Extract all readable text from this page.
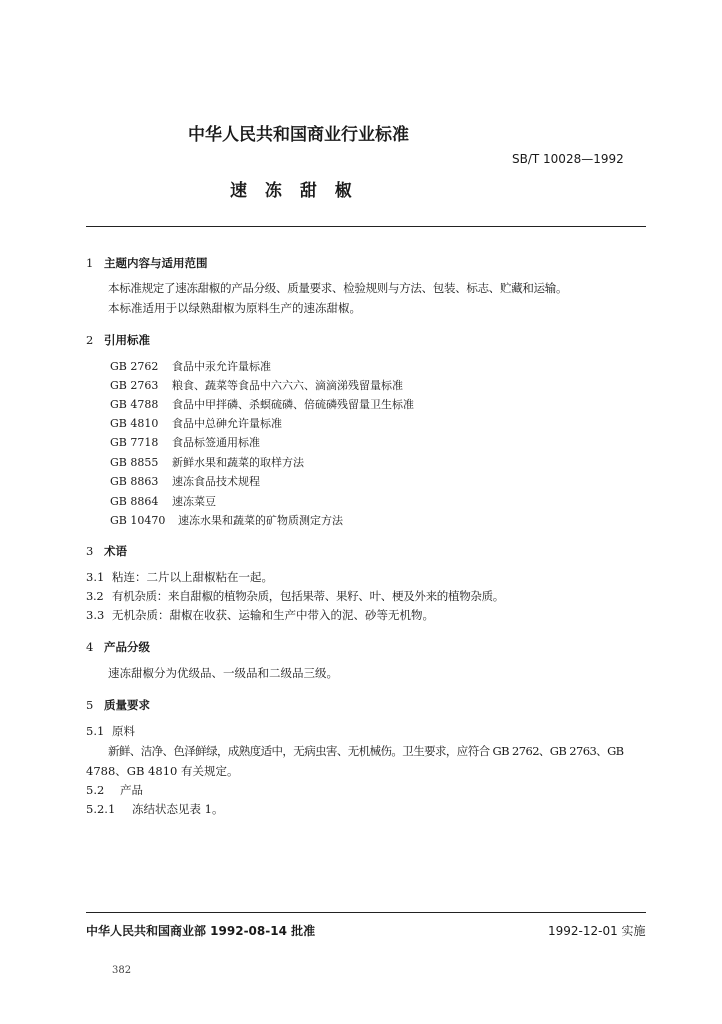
中华人民共和国商业行业标准
SB/T 10028—1992
速 冻 甜 椒
1 主题内容与适用范围
本标准规定了速冻甜椒的产品分级、质量要求、检验规则与方法、包装、标志、贮藏和运输。
本标准适用于以绿熟甜椒为原料生产的速冻甜椒。
2 引用标准
GB 2762 食品中汞允许量标准
GB 2763 粮食、蔬菜等食品中六六六、滴滴涕残留量标准
GB 4788 食品中甲拌磷、杀螟硫磷、倍硫磷残留量卫生标准
GB 4810 食品中总砷允许量标准
GB 7718 食品标签通用标准
GB 8855 新鲜水果和蔬菜的取样方法
GB 8863 速冻食品技术规程
GB 8864 速冻菜豆
GB 10470 速冻水果和蔬菜的矿物质测定方法
3 术语
3.1 粘连：二片以上甜椒粘在一起。
3.2 有机杂质：来自甜椒的植物杂质，包括果蒂、果籽、叶、梗及外来的植物杂质。
3.3 无机杂质：甜椒在收获、运输和生产中带入的泥、砂等无机物。
4 产品分级
速冻甜椒分为优级品、一级品和二级品三级。
5 质量要求
5.1 原料
新鲜、洁净、色泽鲜绿，成熟度适中，无病虫害、无机械伤。卫生要求，应符合 GB 2762、GB 2763、GB
4788、GB 4810 有关规定。
5.2 产品
5.2.1 冻结状态见表 1。
中华人民共和国商业部 1992-08-14 批准	1992-12-01 实施
382
